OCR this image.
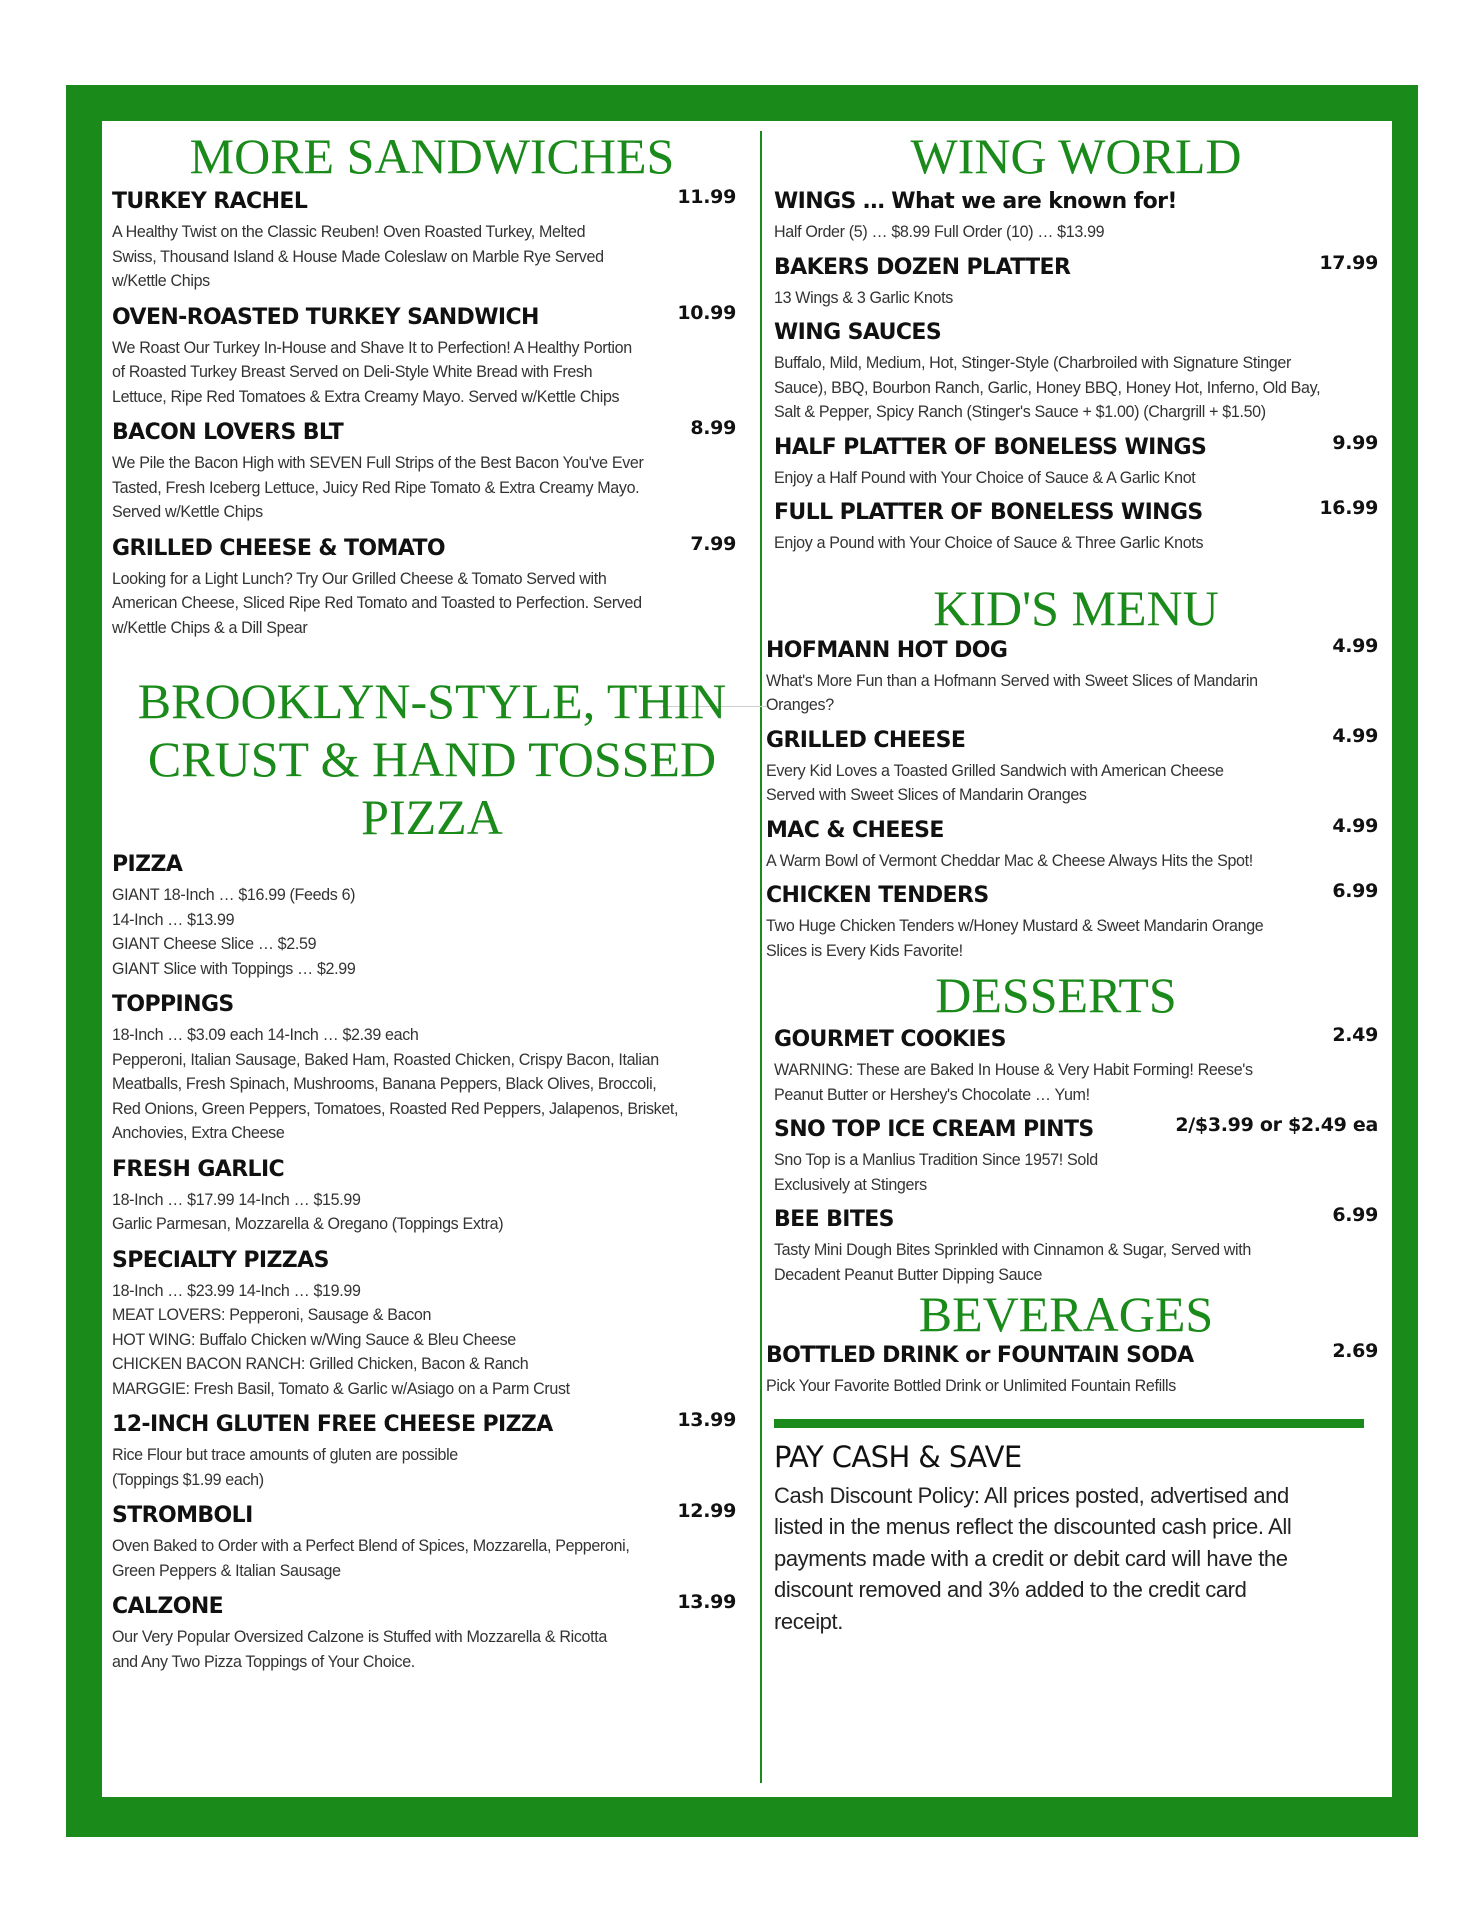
MORE SANDWICHES
TURKEY RACHEL	11.99
A Healthy Twist on the Classic Reuben! Oven Roasted Turkey, Melted
Swiss, Thousand Island & House Made Coleslaw on Marble Rye Served
w/Kettle Chips
OVEN-ROASTED TURKEY SANDWICH	10.99
We Roast Our Turkey In-House and Shave It to Perfection! A Healthy Portion
of Roasted Turkey Breast Served on Deli-Style White Bread with Fresh
Lettuce, Ripe Red Tomatoes & Extra Creamy Mayo. Served w/Kettle Chips
BACON LOVERS BLT	8.99
We Pile the Bacon High with SEVEN Full Strips of the Best Bacon You've Ever
Tasted, Fresh Iceberg Lettuce, Juicy Red Ripe Tomato & Extra Creamy Mayo.
Served w/Kettle Chips
GRILLED CHEESE & TOMATO	7.99
Looking for a Light Lunch? Try Our Grilled Cheese & Tomato Served with
American Cheese, Sliced Ripe Red Tomato and Toasted to Perfection. Served
w/Kettle Chips & a Dill Spear
BROOKLYN-STYLE, THIN
CRUST & HAND TOSSED
PIZZA
PIZZA
GIANT 18-Inch … $16.99 (Feeds 6)
14-Inch … $13.99
GIANT Cheese Slice … $2.59
GIANT Slice with Toppings … $2.99
TOPPINGS
18-Inch … $3.09 each 14-Inch … $2.39 each
Pepperoni, Italian Sausage, Baked Ham, Roasted Chicken, Crispy Bacon, Italian
Meatballs, Fresh Spinach, Mushrooms, Banana Peppers, Black Olives, Broccoli,
Red Onions, Green Peppers, Tomatoes, Roasted Red Peppers, Jalapenos, Brisket,
Anchovies, Extra Cheese
FRESH GARLIC
18-Inch … $17.99 14-Inch … $15.99
Garlic Parmesan, Mozzarella & Oregano (Toppings Extra)
SPECIALTY PIZZAS
18-Inch … $23.99 14-Inch … $19.99
MEAT LOVERS: Pepperoni, Sausage & Bacon
HOT WING: Buffalo Chicken w/Wing Sauce & Bleu Cheese
CHICKEN BACON RANCH: Grilled Chicken, Bacon & Ranch
MARGGIE: Fresh Basil, Tomato & Garlic w/Asiago on a Parm Crust
12-INCH GLUTEN FREE CHEESE PIZZA	13.99
Rice Flour but trace amounts of gluten are possible
(Toppings $1.99 each)
STROMBOLI	12.99
Oven Baked to Order with a Perfect Blend of Spices, Mozzarella, Pepperoni,
Green Peppers & Italian Sausage
CALZONE	13.99
Our Very Popular Oversized Calzone is Stuffed with Mozzarella & Ricotta
and Any Two Pizza Toppings of Your Choice.
WING WORLD
WINGS … What we are known for!
Half Order (5) … $8.99 Full Order (10) … $13.99
BAKERS DOZEN PLATTER	17.99
13 Wings & 3 Garlic Knots
WING SAUCES
Buffalo, Mild, Medium, Hot, Stinger-Style (Charbroiled with Signature Stinger
Sauce), BBQ, Bourbon Ranch, Garlic, Honey BBQ, Honey Hot, Inferno, Old Bay,
Salt & Pepper, Spicy Ranch (Stinger's Sauce + $1.00) (Chargrill + $1.50)
HALF PLATTER OF BONELESS WINGS	9.99
Enjoy a Half Pound with Your Choice of Sauce & A Garlic Knot
FULL PLATTER OF BONELESS WINGS	16.99
Enjoy a Pound with Your Choice of Sauce & Three Garlic Knots
KID'S MENU
HOFMANN HOT DOG	4.99
What's More Fun than a Hofmann Served with Sweet Slices of Mandarin
Oranges?
GRILLED CHEESE	4.99
Every Kid Loves a Toasted Grilled Sandwich with American Cheese
Served with Sweet Slices of Mandarin Oranges
MAC & CHEESE	4.99
A Warm Bowl of Vermont Cheddar Mac & Cheese Always Hits the Spot!
CHICKEN TENDERS	6.99
Two Huge Chicken Tenders w/Honey Mustard & Sweet Mandarin Orange
Slices is Every Kids Favorite!
DESSERTS
GOURMET COOKIES	2.49
WARNING: These are Baked In House & Very Habit Forming! Reese's
Peanut Butter or Hershey's Chocolate … Yum!
SNO TOP ICE CREAM PINTS	2/$3.99 or $2.49 ea
Sno Top is a Manlius Tradition Since 1957! Sold
Exclusively at Stingers
BEE BITES	6.99
Tasty Mini Dough Bites Sprinkled with Cinnamon & Sugar, Served with
Decadent Peanut Butter Dipping Sauce
BEVERAGES
BOTTLED DRINK or FOUNTAIN SODA	2.69
Pick Your Favorite Bottled Drink or Unlimited Fountain Refills
PAY CASH & SAVE
Cash Discount Policy: All prices posted, advertised and
listed in the menus reflect the discounted cash price. All
payments made with a credit or debit card will have the
discount removed and 3% added to the credit card
receipt.
